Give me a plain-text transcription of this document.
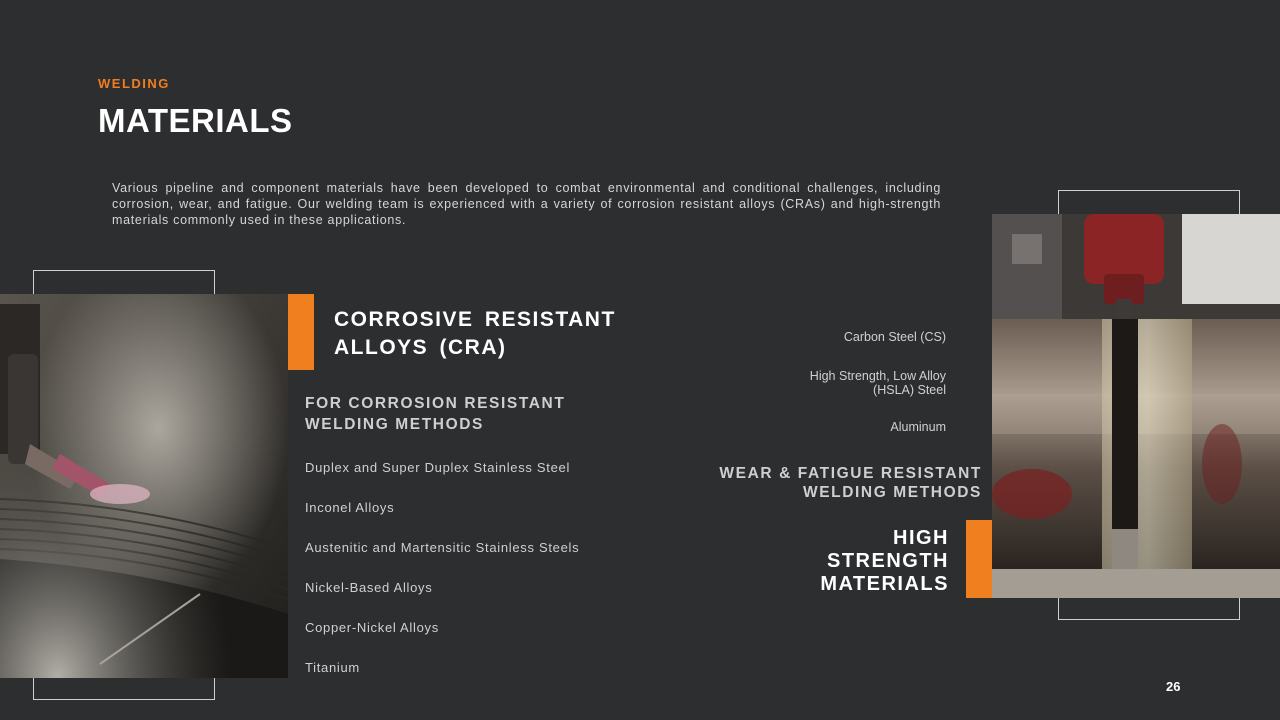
WELDING
MATERIALS
Various pipeline and component materials have been developed to combat environmental and conditional challenges, including corrosion, wear, and fatigue. Our welding team is experienced with a variety of corrosion resistant alloys (CRAs) and high-strength materials commonly used in these applications.
CORROSIVE RESISTANT
ALLOYS (CRA)
FOR CORROSION RESISTANT
WELDING METHODS
Duplex and Super Duplex Stainless Steel
Inconel Alloys
Austenitic and Martensitic Stainless Steels
Nickel-Based Alloys
Copper-Nickel Alloys
Titanium
Carbon Steel (CS)
High Strength, Low Alloy
(HSLA) Steel
Aluminum
WEAR & FATIGUE RESISTANT
WELDING METHODS
HIGH
STRENGTH
MATERIALS
26
